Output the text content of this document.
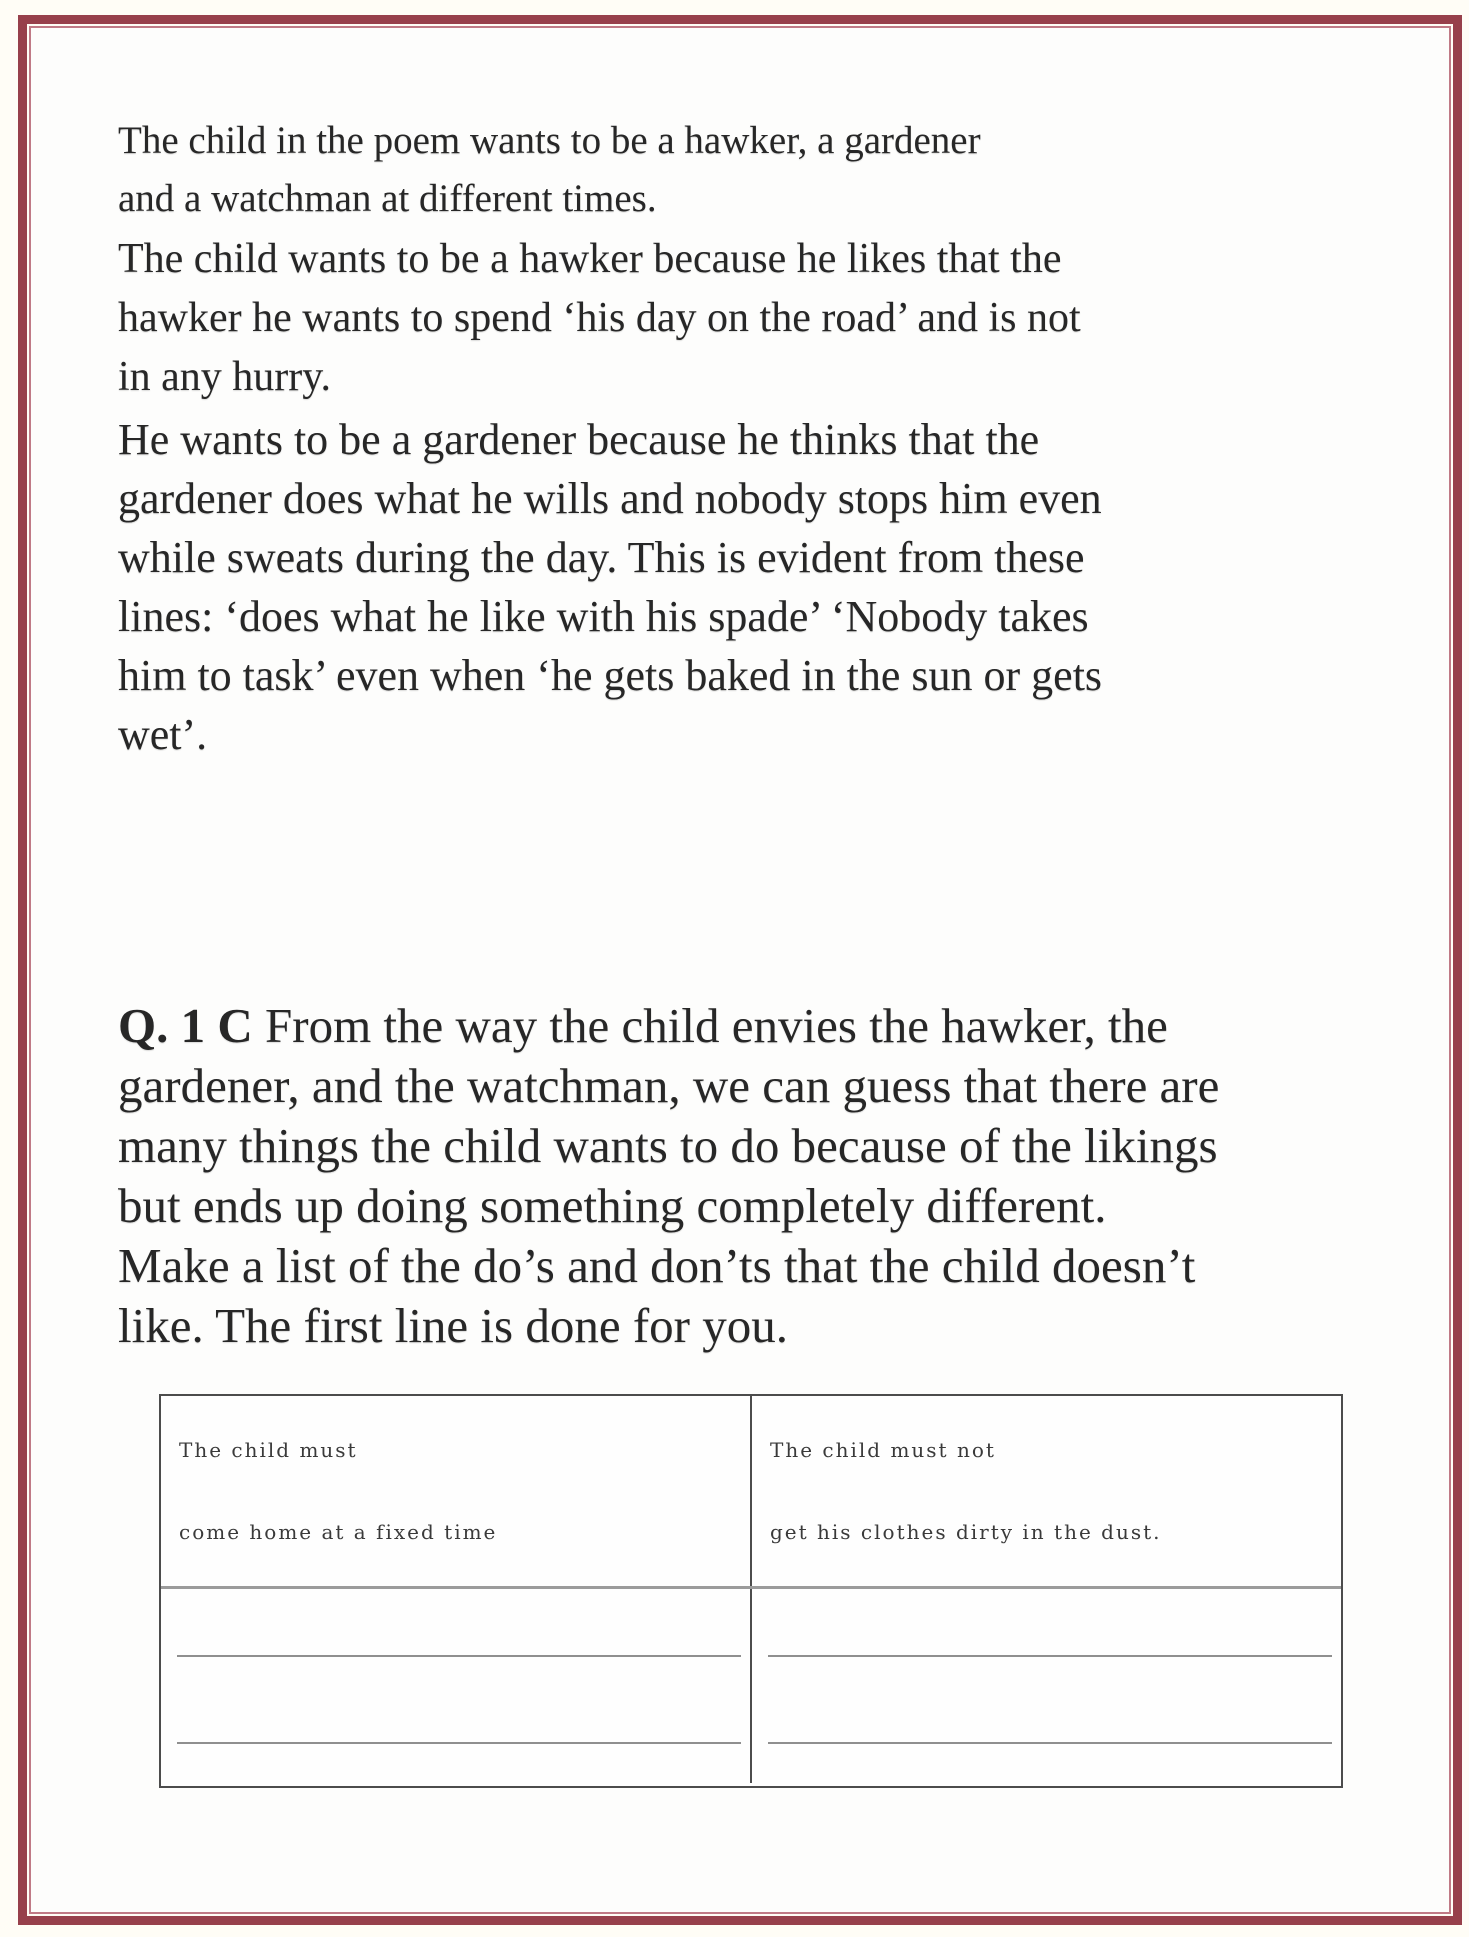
The child in the poem wants to be a hawker, a gardener
and a watchman at different times.
The child wants to be a hawker because he likes that the
hawker he wants to spend ‘his day on the road’ and is not
in any hurry.
He wants to be a gardener because he thinks that the
gardener does what he wills and nobody stops him even
while sweats during the day. This is evident from these
lines: ‘does what he like with his spade’ ‘Nobody takes
him to task’ even when ‘he gets baked in the sun or gets
wet’.
Q. 1 C From the way the child envies the hawker, the
gardener, and the watchman, we can guess that there are
many things the child wants to do because of the likings
but ends up doing something completely different.
Make a list of the do’s and don’ts that the child doesn’t
like. The first line is done for you.
The child must
come home at a fixed time
The child must not
get his clothes dirty in the dust.
